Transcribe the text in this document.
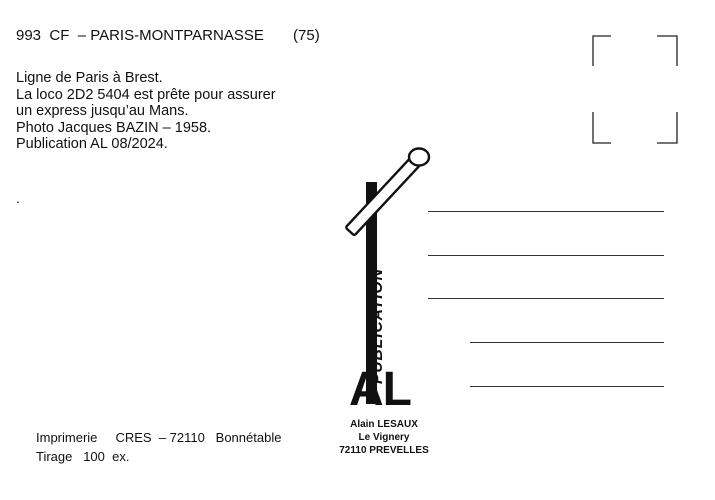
993  CF  – PARIS-MONTPARNASSE       (75)
Ligne de Paris à Brest.
La loco 2D2 5404 est prête pour assurer
un express jusqu’au Mans.
Photo Jacques BAZIN – 1958.
Publication AL 08/2024.
.
PUBLICATION
AL
Alain LESAUX
Le Vignery
72110 PREVELLES
Imprimerie     CRES  – 72110   Bonnétable
Tirage   100  ex.
